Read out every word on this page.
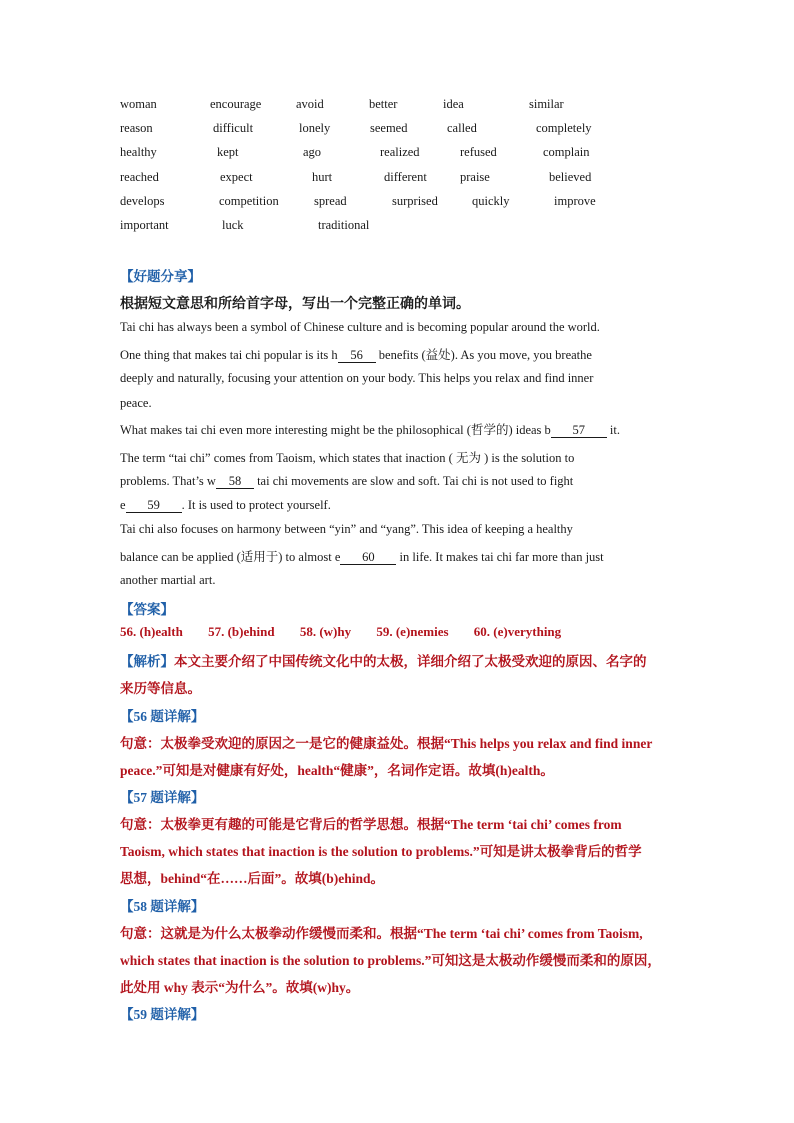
woman	encourage	avoid	better	idea	similar
reason	difficult	lonely	seemed	called	completely
healthy	kept	ago	realized	refused	complain
reached	expect	hurt	different	praise	believed
develops	competition	spread	surprised	quickly	improve
important	luck	traditional
【好题分享】
根据短文意思和所给首字母，写出一个完整正确的单词。
Tai chi has always been a symbol of Chinese culture and is becoming popular around the world.
One thing that makes tai chi popular is its h 56 benefits (益处). As you move, you breathe
deeply and naturally, focusing your attention on your body. This helps you relax and find inner
peace.
What makes tai chi even more interesting might be the philosophical (哲学的) ideas b 57 it.
The term “tai chi” comes from Taoism, which states that inaction ( 无为 ) is the solution to
problems. That’s w 58 tai chi movements are slow and soft. Tai chi is not used to fight
e 59 . It is used to protect yourself.
Tai chi also focuses on harmony between “yin” and “yang”. This idea of keeping a healthy
balance can be applied (适用于) to almost e 60 in life. It makes tai chi far more than just
another martial art.
【答案】
56. (h)ealth 57. (b)ehind 58. (w)hy 59. (e)nemies 60. (e)verything
【解析】本文主要介绍了中国传统文化中的太极，详细介绍了太极受欢迎的原因、名字的
来历等信息。
【56 题详解】
句意：太极拳受欢迎的原因之一是它的健康益处。根据“This helps you relax and find inner
peace.”可知是对健康有好处，health“健康”，名词作定语。故填(h)ealth。
【57 题详解】
句意：太极拳更有趣的可能是它背后的哲学思想。根据“The term ‘tai chi’ comes from
Taoism, which states that inaction is the solution to problems.”可知是讲太极拳背后的哲学
思想，behind“在……后面”。故填(b)ehind。
【58 题详解】
句意：这就是为什么太极拳动作缓慢而柔和。根据“The term ‘tai chi’ comes from Taoism,
which states that inaction is the solution to problems.”可知这是太极动作缓慢而柔和的原因，
此处用 why 表示“为什么”。故填(w)hy。
【59 题详解】
